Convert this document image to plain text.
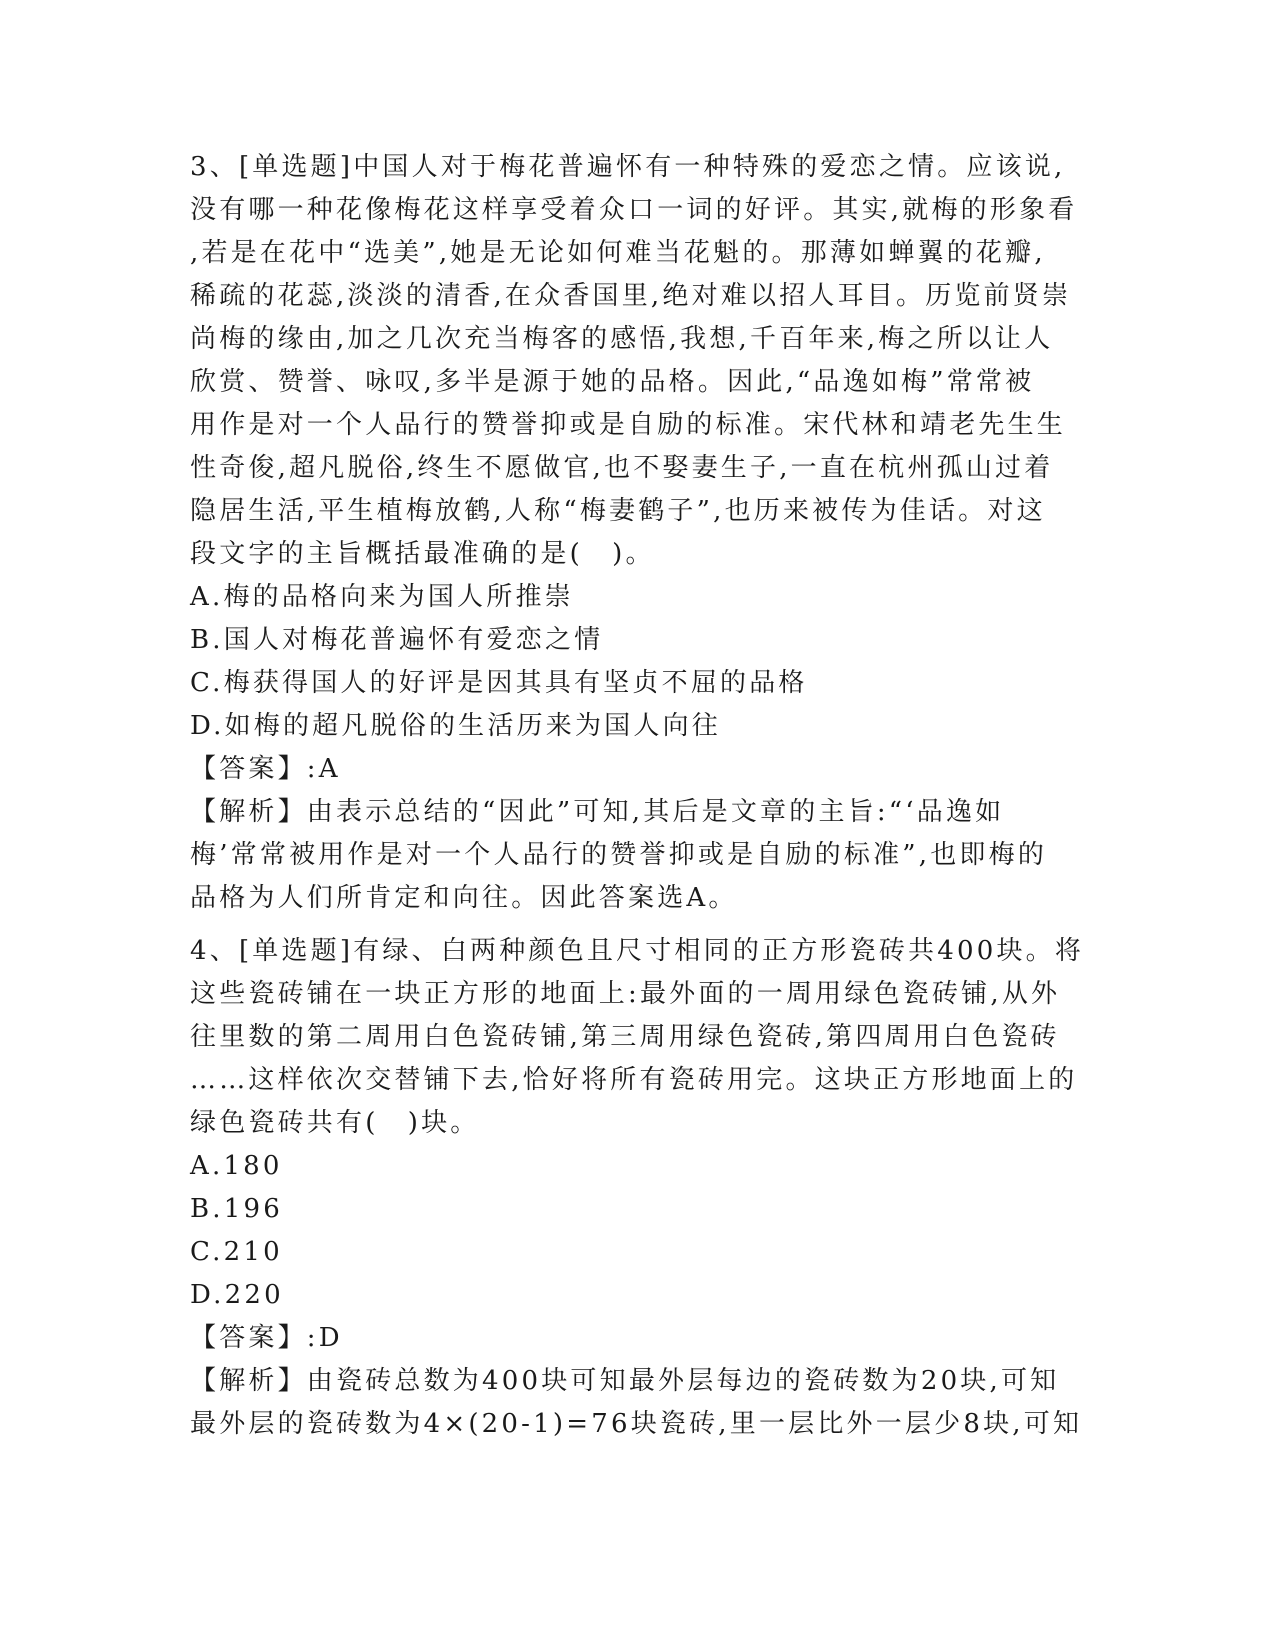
3、[单选题]中国人对于梅花普遍怀有一种特殊的爱恋之情。应该说,
没有哪一种花像梅花这样享受着众口一词的好评。其实,就梅的形象看
,若是在花中“选美”,她是无论如何难当花魁的。那薄如蝉翼的花瓣,
稀疏的花蕊,淡淡的清香,在众香国里,绝对难以招人耳目。历览前贤崇
尚梅的缘由,加之几次充当梅客的感悟,我想,千百年来,梅之所以让人
欣赏、赞誉、咏叹,多半是源于她的品格。因此,“品逸如梅”常常被
用作是对一个人品行的赞誉抑或是自励的标准。宋代林和靖老先生生
性奇俊,超凡脱俗,终生不愿做官,也不娶妻生子,一直在杭州孤山过着
隐居生活,平生植梅放鹤,人称“梅妻鹤子”,也历来被传为佳话。对这
段文字的主旨概括最准确的是(　)。
A.梅的品格向来为国人所推崇
B.国人对梅花普遍怀有爱恋之情
C.梅获得国人的好评是因其具有坚贞不屈的品格
D.如梅的超凡脱俗的生活历来为国人向往
【答案】:A
【解析】由表示总结的“因此”可知,其后是文章的主旨:“‘品逸如
梅’常常被用作是对一个人品行的赞誉抑或是自励的标准”,也即梅的
品格为人们所肯定和向往。因此答案选A。
4、[单选题]有绿、白两种颜色且尺寸相同的正方形瓷砖共400块。将
这些瓷砖铺在一块正方形的地面上:最外面的一周用绿色瓷砖铺,从外
往里数的第二周用白色瓷砖铺,第三周用绿色瓷砖,第四周用白色瓷砖
……这样依次交替铺下去,恰好将所有瓷砖用完。这块正方形地面上的
绿色瓷砖共有(　)块。
A.180
B.196
C.210
D.220
【答案】:D
【解析】由瓷砖总数为400块可知最外层每边的瓷砖数为20块,可知
最外层的瓷砖数为4×(20-1)=76块瓷砖,里一层比外一层少8块,可知
